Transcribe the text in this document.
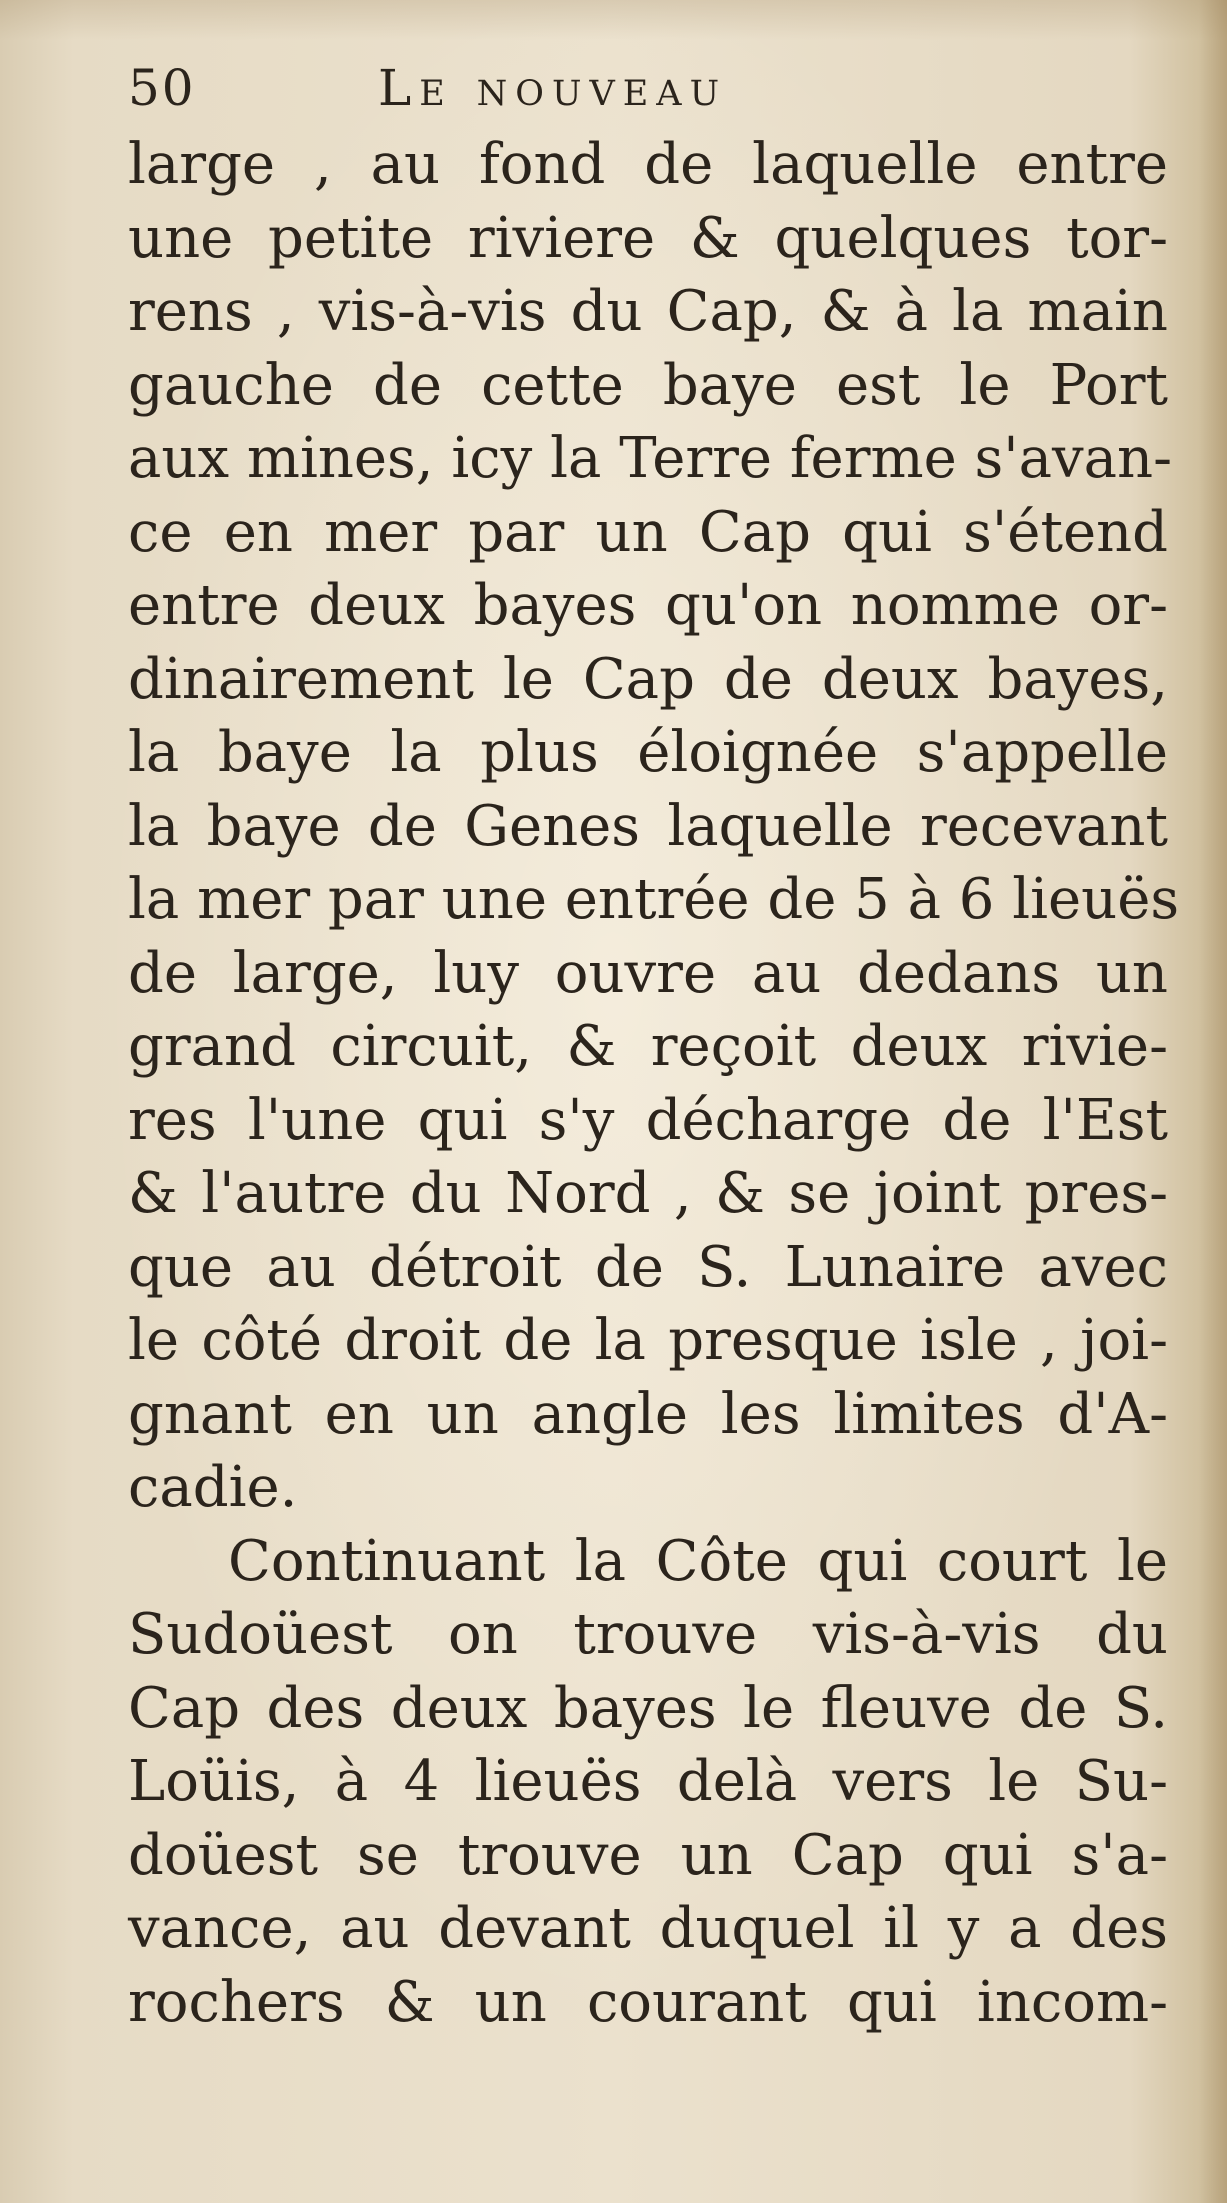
50	Le nouveau
large , au fond de laquelle entre
une petite riviere & quelques tor-
rens , vis-à-vis du Cap, & à la main
gauche de cette baye est le Port
aux mines, icy la Terre ferme s'avan-
ce en mer par un Cap qui s'étend
entre deux bayes qu'on nomme or-
dinairement le Cap de deux bayes,
la baye la plus éloignée s'appelle
la baye de Genes laquelle recevant
la mer par une entrée de 5 à 6 lieuës
de large, luy ouvre au dedans un
grand circuit, & reçoit deux rivie-
res l'une qui s'y décharge de l'Est
& l'autre du Nord , & se joint pres-
que au détroit de S. Lunaire avec
le côté droit de la presque isle , joi-
gnant en un angle les limites d'A-
cadie.
Continuant la Côte qui court le
Sudoüest on trouve vis-à-vis du
Cap des deux bayes le fleuve de S.
Loüis, à 4 lieuës delà vers le Su-
doüest se trouve un Cap qui s'a-
vance, au devant duquel il y a des
rochers & un courant qui incom-
